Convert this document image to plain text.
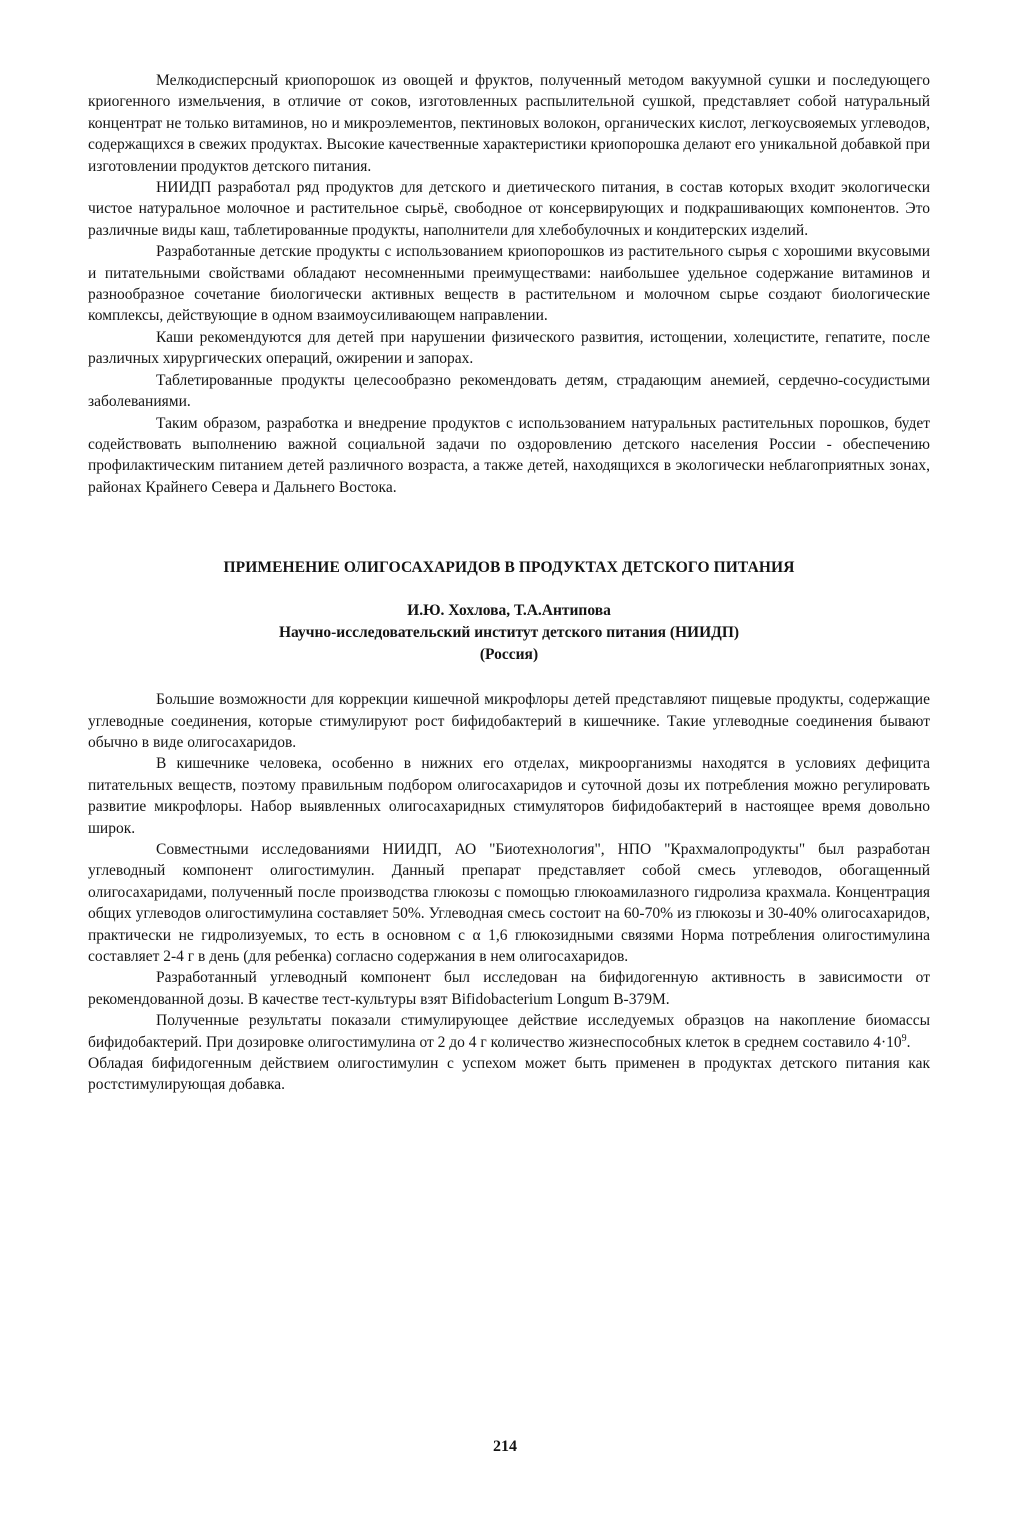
Мелкодисперсный криопорошок из овощей и фруктов, полученный методом вакуумной сушки и последующего криогенного измельчения, в отличие от соков, изготовленных распылительной сушкой, представляет собой натуральный концентрат не только витаминов, но и микроэлементов, пектиновых волокон, органических кислот, легкоусвояемых углеводов, содержащихся в свежих продуктах. Высокие качественные характеристики криопорошка делают его уникальной добавкой при изготовлении продуктов детского питания.

НИИДП разработал ряд продуктов для детского и диетического питания, в состав которых входит экологически чистое натуральное молочное и растительное сырьё, свободное от консервирующих и подкрашивающих компонентов. Это различные виды каш, таблетированные продукты, наполнители для хлебобулочных и кондитерских изделий.

Разработанные детские продукты с использованием криопорошков из растительного сырья с хорошими вкусовыми и питательными свойствами обладают несомненными преимуществами: наибольшее удельное содержание витаминов и разнообразное сочетание биологически активных веществ в растительном и молочном сырье создают биологические комплексы, действующие в одном взаимоусиливающем направлении.

Каши рекомендуются для детей при нарушении физического развития, истощении, холецистите, гепатите, после различных хирургических операций, ожирении и запорах.

Таблетированные продукты целесообразно рекомендовать детям, страдающим анемией, сердечно-сосудистыми заболеваниями.

Таким образом, разработка и внедрение продуктов с использованием натуральных растительных порошков, будет содействовать выполнению важной социальной задачи по оздоровлению детского населения России - обеспечению профилактическим питанием детей различного возраста, а также детей, находящихся в экологически неблагоприятных зонах, районах Крайнего Севера и Дальнего Востока.

ПРИМЕНЕНИЕ ОЛИГОСАХАРИДОВ В ПРОДУКТАХ ДЕТСКОГО ПИТАНИЯ
И.Ю. Хохлова, Т.А.Антипова
Научно-исследовательский институт детского питания (НИИДП)
(Россия)

Большие возможности для коррекции кишечной микрофлоры детей представляют пищевые продукты, содержащие углеводные соединения, которые стимулируют рост бифидобактерий в кишечнике. Такие углеводные соединения бывают обычно в виде олигосахаридов.

В кишечнике человека, особенно в нижних его отделах, микроорганизмы находятся в условиях дефицита питательных веществ, поэтому правильным подбором олигосахаридов и суточной дозы их потребления можно регулировать развитие микрофлоры. Набор выявленных олигосахаридных стимуляторов бифидобактерий в настоящее время довольно широк.

Совместными исследованиями НИИДП, АО "Биотехнология", НПО "Крахмалопродукты" был разработан углеводный компонент олигостимулин. Данный препарат представляет собой смесь углеводов, обогащенный олигосахаридами, полученный после производства глюкозы с помощью глюкоамилазного гидролиза крахмала. Концентрация общих углеводов олигостимулина составляет 50%. Углеводная смесь состоит на 60-70% из глюкозы и 30-40% олигосахаридов, практически не гидролизуемых, то есть в основном с α 1,6 глюкозидными связями Норма потребления олигостимулина составляет 2-4 г в день (для ребенка) согласно содержания в нем олигосахаридов.

Разработанный углеводный компонент был исследован на бифидогенную активность в зависимости от рекомендованной дозы. В качестве тест-культуры взят Bifidobacterium Longum B-379M.

Полученные результаты показали стимулирующее действие исследуемых образцов на накопление биомассы бифидобактерий. При дозировке олигостимулина от 2 до 4 г количество жизнеспособных клеток в среднем составило $4\cdot 10^9$.

Обладая бифидогенным действием олигостимулин с успехом может быть применен в продуктах детского питания как ростстимулирующая добавка.

214
